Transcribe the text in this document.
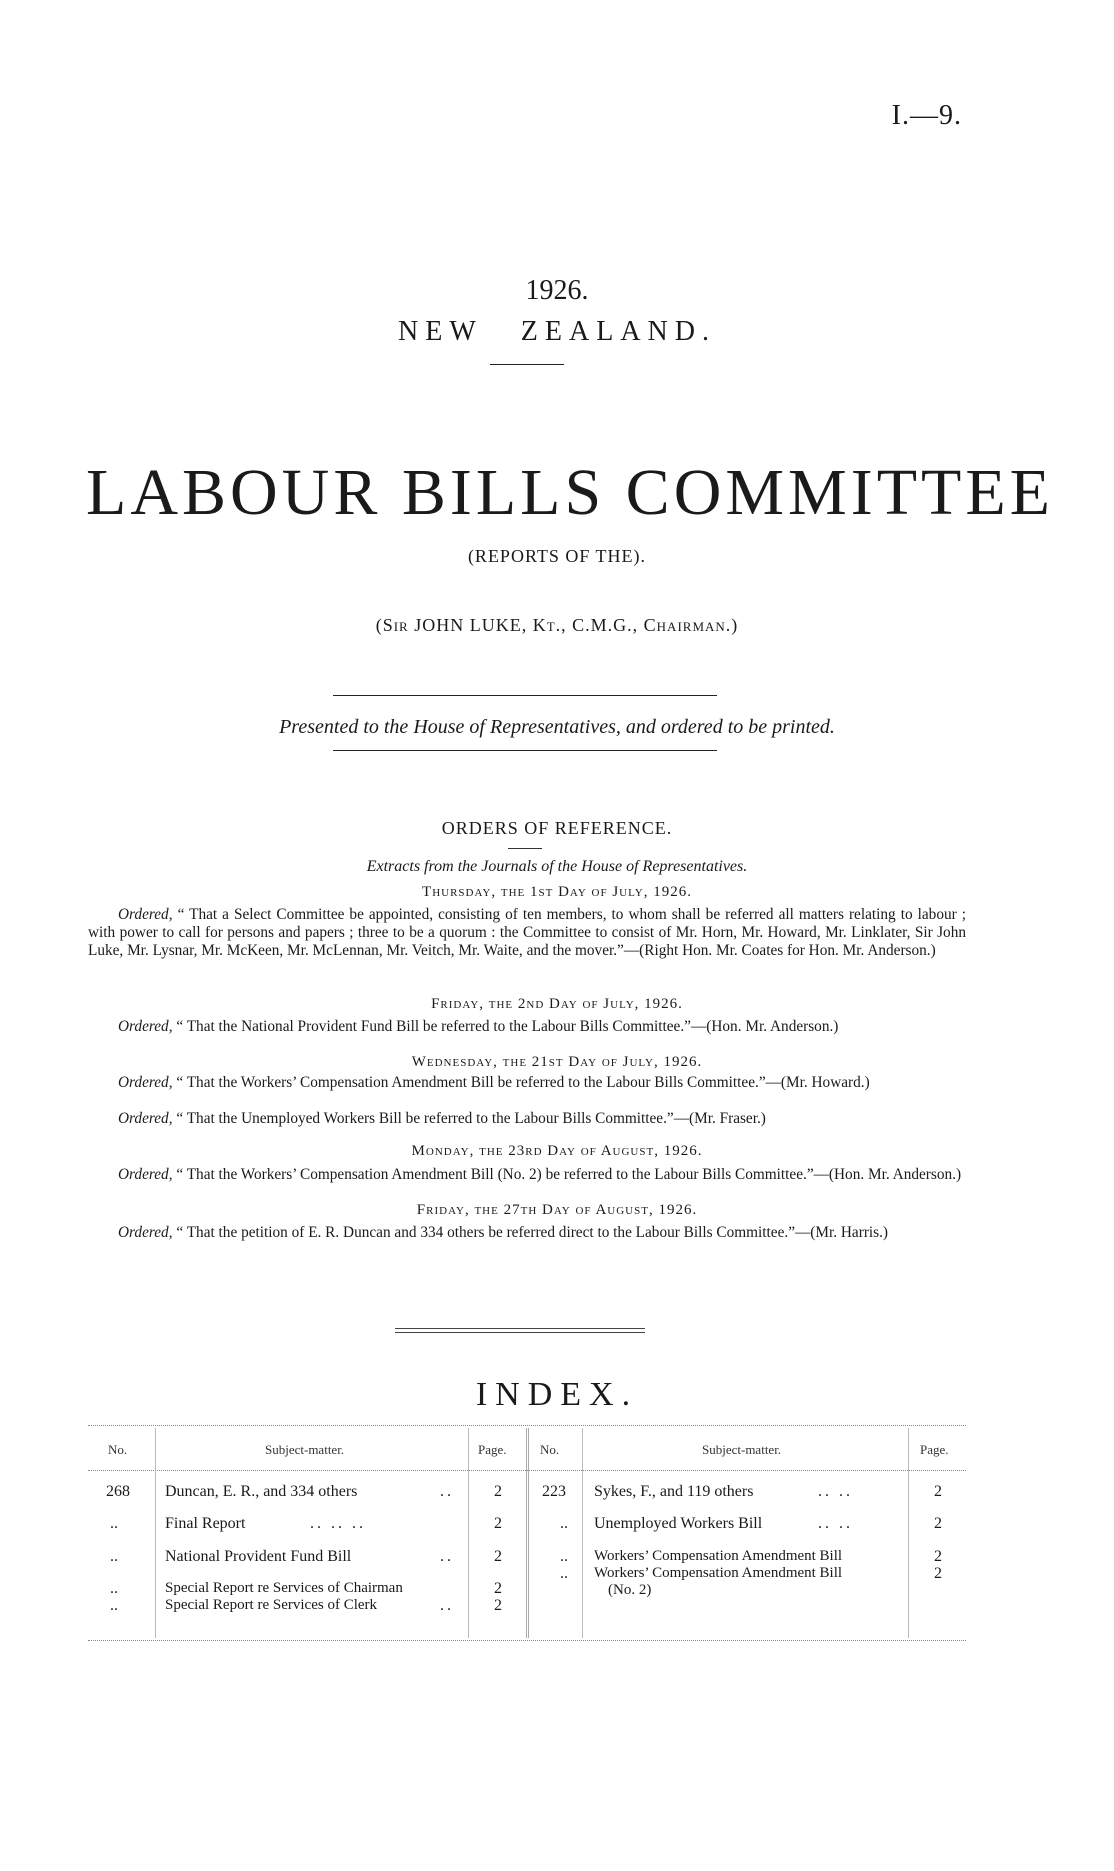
I.—9.
1926.
NEW ZEALAND.
LABOUR BILLS COMMITTEE
(REPORTS OF THE).
(Sir JOHN LUKE, Kt., C.M.G., Chairman.)
Presented to the House of Representatives, and ordered to be printed.
ORDERS OF REFERENCE.
Extracts from the Journals of the House of Representatives.
Thursday, the 1st Day of July, 1926.
Ordered, “ That a Select Committee be appointed, consisting of ten members, to whom shall be referred all matters relating to labour ; with power to call for persons and papers ; three to be a quorum : the Committee to consist of Mr. Horn, Mr. Howard, Mr. Linklater, Sir John Luke, Mr. Lysnar, Mr. McKeen, Mr. McLennan, Mr. Veitch, Mr. Waite, and the mover.”—(Right Hon. Mr. Coates for Hon. Mr. Anderson.)
Friday, the 2nd Day of July, 1926.
Ordered, “ That the National Provident Fund Bill be referred to the Labour Bills Committee.”—(Hon. Mr. Anderson.)
Wednesday, the 21st Day of July, 1926.
Ordered, “ That the Workers’ Compensation Amendment Bill be referred to the Labour Bills Committee.”—(Mr. Howard.)
Ordered, “ That the Unemployed Workers Bill be referred to the Labour Bills Committee.”—(Mr. Fraser.)
Monday, the 23rd Day of August, 1926.
Ordered, “ That the Workers’ Compensation Amendment Bill (No. 2) be referred to the Labour Bills Committee.”—(Hon. Mr. Anderson.)
Friday, the 27th Day of August, 1926.
Ordered, “ That the petition of E. R. Duncan and 334 others be referred direct to the Labour Bills Committee.”—(Mr. Harris.)
INDEX.
No.	Subject-matter.	Page.	No.	Subject-matter.	Page.
268 Duncan, E. R., and 334 others	..	2
..	Final Report	.. .. ..	2
..	National Provident Fund Bill	..	2
..	Special Report re Services of Chairman	2
..	Special Report re Services of Clerk	..	2
223 Sykes, F., and 119 others	.. ..	2
.. Unemployed Workers Bill	.. ..	2
.. Workers’ Compensation Amendment Bill	2
.. Workers’ Compensation Amendment Bill	2
(No. 2)
